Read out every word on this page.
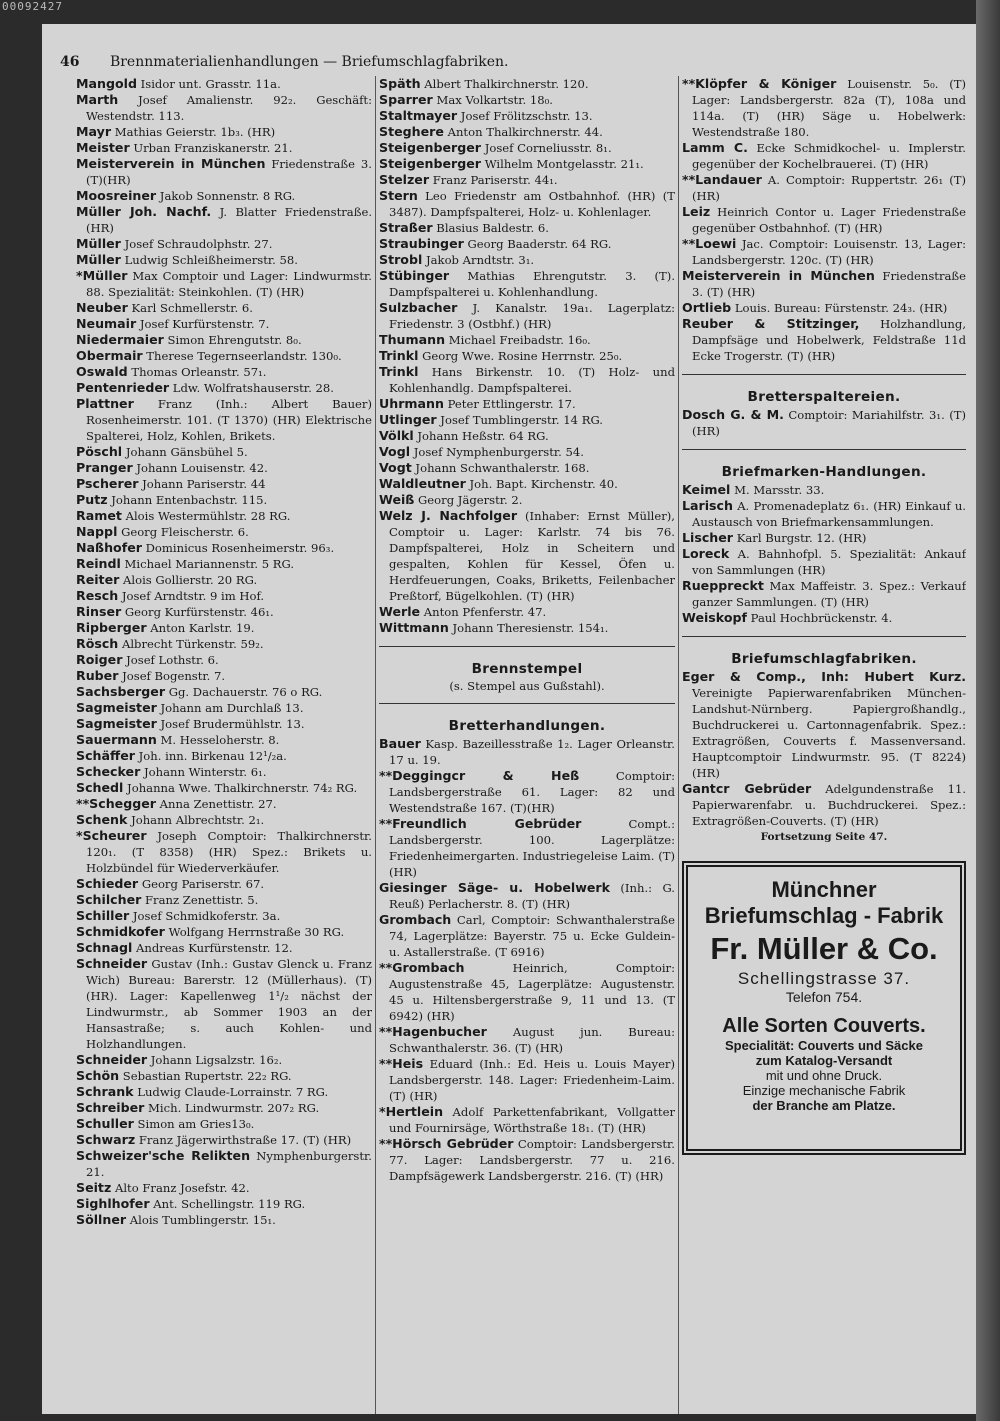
00092427
46 Brennmaterialienhandlungen — Briefumschlagfabriken.

Mangold Isidor unt. Grasstr. 11a.

Marth Josef Amalienstr. 92₂. Geschäft: Westendstr. 113.

Mayr Mathias Geierstr. 1b₃. (HR)

Meister Urban Franziskanerstr. 21.

Meisterverein in München Friedenstraße 3. (T)(HR)

Moosreiner Jakob Sonnenstr. 8 RG.

Müller Joh. Nachf. J. Blatter Friedenstraße. (HR)

Müller Josef Schraudolphstr. 27.

Müller Ludwig Schleißheimerstr. 58.

*Müller Max Comptoir und Lager: Lindwurmstr. 88. Spezialität: Steinkohlen. (T) (HR)

Neuber Karl Schmellerstr. 6.

Neumair Josef Kurfürstenstr. 7.

Niedermaier Simon Ehrengutstr. 8₀.

Obermair Therese Tegernseerlandstr. 130₀.

Oswald Thomas Orleanstr. 57₁.

Pentenrieder Ldw. Wolfratshauserstr. 28.

Plattner Franz (Inh.: Albert Bauer) Rosenheimerstr. 101. (T 1370) (HR) Elektrische Spalterei, Holz, Kohlen, Brikets.

Pöschl Johann Gänsbühel 5.

Pranger Johann Louisenstr. 42.

Pscherer Johann Pariserstr. 44

Putz Johann Entenbachstr. 115.

Ramet Alois Westermühlstr. 28 RG.

Nappl Georg Fleischerstr. 6.

Naßhofer Dominicus Rosenheimerstr. 96₃.

Reindl Michael Mariannenstr. 5 RG.

Reiter Alois Gollierstr. 20 RG.

Resch Josef Arndtstr. 9 im Hof.

Rinser Georg Kurfürstenstr. 46₁.

Ripberger Anton Karlstr. 19.

Rösch Albrecht Türkenstr. 59₂.

Roiger Josef Lothstr. 6.

Ruber Josef Bogenstr. 7.

Sachsberger Gg. Dachauerstr. 76 o RG.

Sagmeister Johann am Durchlaß 13.

Sagmeister Josef Brudermühlstr. 13.

Sauermann M. Hesseloherstr. 8.

Schäffer Joh. inn. Birkenau 12¹/₂a.

Schecker Johann Winterstr. 6₁.

Schedl Johanna Wwe. Thalkirchnerstr. 74₂ RG.

**Schegger Anna Zenettistr. 27.

Schenk Johann Albrechtstr. 2₁.

*Scheurer Joseph Comptoir: Thalkirchnerstr. 120₁. (T 8358) (HR) Spez.: Brikets u. Holzbündel für Wiederverkäufer.

Schieder Georg Pariserstr. 67.

Schilcher Franz Zenettistr. 5.

Schiller Josef Schmidkoferstr. 3a.

Schmidkofer Wolfgang Herrnstraße 30 RG.

Schnagl Andreas Kurfürstenstr. 12.

Schneider Gustav (Inh.: Gustav Glenck u. Franz Wich) Bureau: Barerstr. 12 (Müllerhaus). (T) (HR). Lager: Kapellenweg 1¹/₂ nächst der Lindwurmstr., ab Sommer 1903 an der Hansastraße; s. auch Kohlen- und Holzhandlungen.

Schneider Johann Ligsalzstr. 16₂.

Schön Sebastian Rupertstr. 22₂ RG.

Schrank Ludwig Claude-Lorrainstr. 7 RG.

Schreiber Mich. Lindwurmstr. 207₂ RG.

Schuller Simon am Gries13₀.

Schwarz Franz Jägerwirthstraße 17. (T) (HR)

Schweizer'sche Relikten Nymphenburgerstr. 21.

Seitz Alto Franz Josefstr. 42.

Sighlhofer Ant. Schellingstr. 119 RG.

Söllner Alois Tumblingerstr. 15₁.

Späth Albert Thalkirchnerstr. 120.

Sparrer Max Volkartstr. 18₀.

Staltmayer Josef Frölitzschstr. 13.

Steghere Anton Thalkirchnerstr. 44.

Steigenberger Josef Corneliusstr. 8₁.

Steigenberger Wilhelm Montgelasstr. 21₁.

Stelzer Franz Pariserstr. 44₁.

Stern Leo Friedenstr am Ostbahnhof. (HR) (T 3487). Dampfspalterei, Holz- u. Kohlenlager.

Straßer Blasius Baldestr. 6.

Straubinger Georg Baaderstr. 64 RG.

Strobl Jakob Arndtstr. 3₁.

Stübinger Mathias Ehrengutstr. 3. (T). Dampfspalterei u. Kohlenhandlung.

Sulzbacher J. Kanalstr. 19a₁. Lagerplatz: Friedenstr. 3 (Ostbhf.) (HR)

Thumann Michael Freibadstr. 16₀.

Trinkl Georg Wwe. Rosine Herrnstr. 25₀.

Trinkl Hans Birkenstr. 10. (T) Holz- und Kohlenhandlg. Dampfspalterei.

Uhrmann Peter Ettlingerstr. 17.

Utlinger Josef Tumblingerstr. 14 RG.

Völkl Johann Heßstr. 64 RG.

Vogl Josef Nymphenburgerstr. 54.

Vogt Johann Schwanthalerstr. 168.

Waldleutner Joh. Bapt. Kirchenstr. 40.

Weiß Georg Jägerstr. 2.

Welz J. Nachfolger (Inhaber: Ernst Müller), Comptoir u. Lager: Karlstr. 74 bis 76. Dampfspalterei, Holz in Scheitern und gespalten, Kohlen für Kessel, Öfen u. Herdfeuerungen, Coaks, Briketts, Feilenbacher Preßtorf, Bügelkohlen. (T) (HR)

Werle Anton Pfenferstr. 47.

Wittmann Johann Theresienstr. 154₁.

Brennstempel
(s. Stempel aus Gußstahl).
Bretterhandlungen.

Bauer Kasp. Bazeillesstraße 1₂. Lager Orleanstr. 17 u. 19.

**Deggingcr & Heß Comptoir: Landsbergerstraße 61. Lager: 82 und Westendstraße 167. (T)(HR)

**Freundlich Gebrüder Compt.: Landsbergerstr. 100. Lagerplätze: Friedenheimergarten. Industriegeleise Laim. (T) (HR)

Giesinger Säge- u. Hobelwerk (Inh.: G. Reuß) Perlacherstr. 8. (T) (HR)

Grombach Carl, Comptoir: Schwanthalerstraße 74, Lagerplätze: Bayerstr. 75 u. Ecke Guldein- u. Astallerstraße. (T 6916)

**Grombach Heinrich, Comptoir: Augustenstraße 45, Lagerplätze: Augustenstr. 45 u. Hiltensbergerstraße 9, 11 und 13. (T 6942) (HR)

**Hagenbucher August jun. Bureau: Schwanthalerstr. 36. (T) (HR)

**Heis Eduard (Inh.: Ed. Heis u. Louis Mayer) Landsbergerstr. 148. Lager: Friedenheim-Laim. (T) (HR)

*Hertlein Adolf Parkettenfabrikant, Vollgatter und Fournirsäge, Wörthstraße 18₁. (T) (HR)

**Hörsch Gebrüder Comptoir: Landsbergerstr. 77. Lager: Landsbergerstr. 77 u. 216. Dampfsägewerk Landsbergerstr. 216. (T) (HR)

**Klöpfer & Königer Louisenstr. 5₀. (T) Lager: Landsbergerstr. 82a (T), 108a und 114a. (T) (HR) Säge u. Hobelwerk: Westendstraße 180.

Lamm C. Ecke Schmidkochel- u. Implerstr. gegenüber der Kochelbrauerei. (T) (HR)

**Landauer A. Comptoir: Ruppertstr. 26₁ (T) (HR)

Leiz Heinrich Contor u. Lager Friedenstraße gegenüber Ostbahnhof. (T) (HR)

**Loewi Jac. Comptoir: Louisenstr. 13, Lager: Landsbergerstr. 120c. (T) (HR)

Meisterverein in München Friedenstraße 3. (T) (HR)

Ortlieb Louis. Bureau: Fürstenstr. 24₃. (HR)

Reuber & Stitzinger, Holzhandlung, Dampfsäge und Hobelwerk, Feldstraße 11d Ecke Trogerstr. (T) (HR)

Bretterspaltereien.

Dosch G. & M. Comptoir: Mariahilfstr. 3₁. (T) (HR)

Briefmarken-Handlungen.

Keimel M. Marsstr. 33.

Larisch A. Promenadeplatz 6₁. (HR) Einkauf u. Austausch von Briefmarkensammlungen.

Lischer Karl Burgstr. 12. (HR)

Loreck A. Bahnhofpl. 5. Spezialität: Ankauf von Sammlungen (HR)

Rueppreckt Max Maffeistr. 3. Spez.: Verkauf ganzer Sammlungen. (T) (HR)

Weiskopf Paul Hochbrückenstr. 4.

Briefumschlagfabriken.

Eger & Comp., Inh: Hubert Kurz. Vereinigte Papierwarenfabriken München-Landshut-Nürnberg. Papiergroßhandlg., Buchdruckerei u. Cartonnagenfabrik. Spez.: Extragrößen, Couverts f. Massenversand. Hauptcomptoir Lindwurmstr. 95. (T 8224) (HR)

Gantcr Gebrüder Adelgundenstraße 11. Papierwarenfabr. u. Buchdruckerei. Spez.: Extragrößen-Couverts. (T) (HR)

Fortsetzung Seite 47.
Münchner
Briefumschlag - Fabrik
Fr. Müller & Co.
Schellingstrasse 37.
Telefon 754.
Alle Sorten Couverts.
Specialität: Couverts und Säcke
zum Katalog-Versandt
mit und ohne Druck.
Einzige mechanische Fabrik
der Branche am Platze.
